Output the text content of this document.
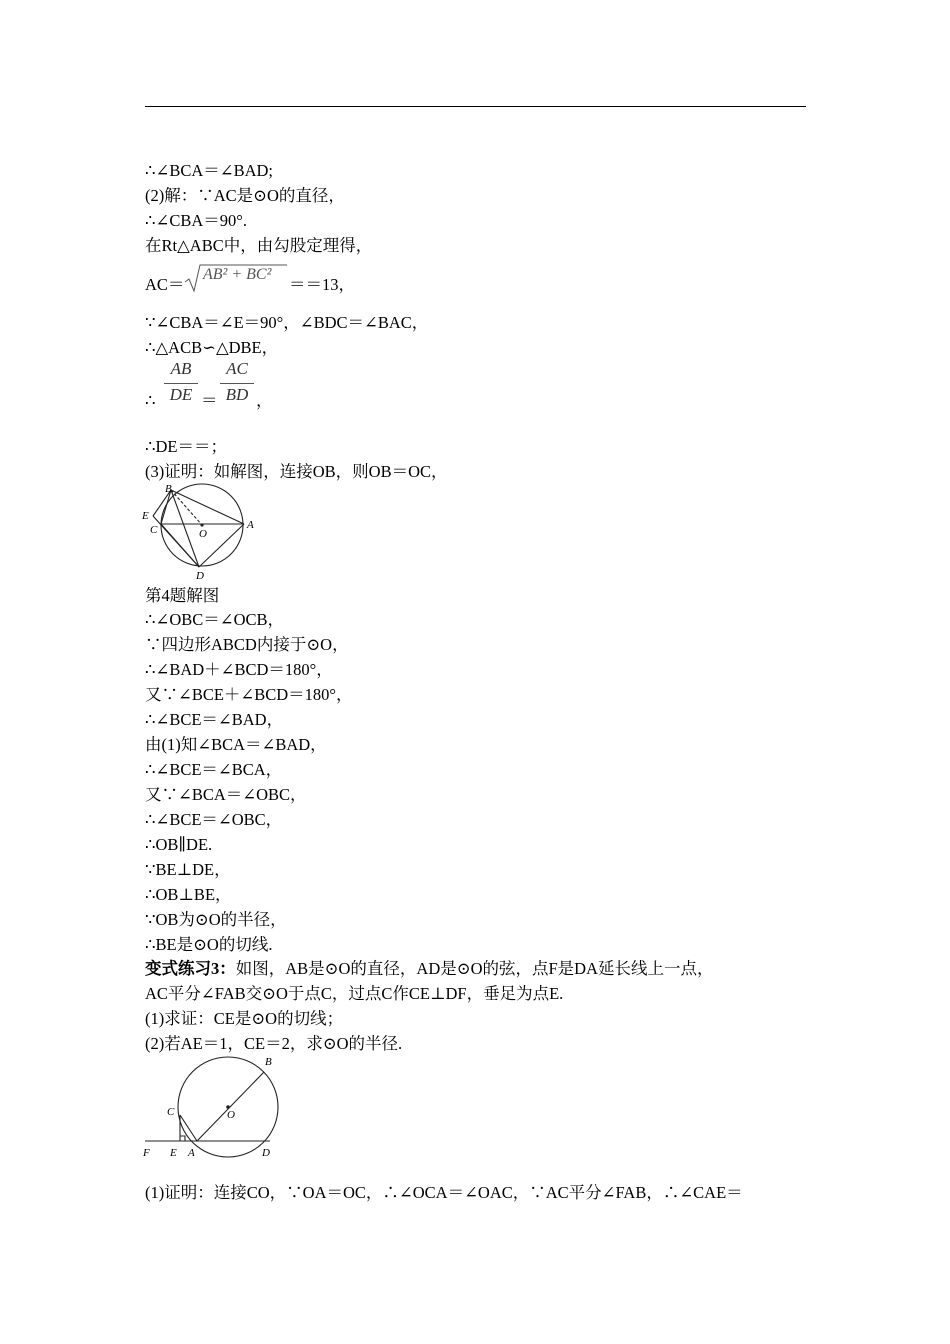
∴∠BCA＝∠BAD;
(2)解：∵AC是⊙O的直径，
∴∠CBA＝90°.
在Rt△ABC中，由勾股定理得，
AC＝
AB² + BC²
＝＝13，
∵∠CBA＝∠E＝90°，∠BDC＝∠BAC，
∴△ACB∽△DBE，
∴
AB
DE ＝
AC
BD ，
∴DE＝＝；
(3)证明：如解图，连接OB，则OB＝OC，
B
E
C	O
A
D
第4题解图
∴∠OBC＝∠OCB，
∵四边形ABCD内接于⊙O，
∴∠BAD＋∠BCD＝180°，
又∵∠BCE＋∠BCD＝180°，
∴∠BCE＝∠BAD，
由(1)知∠BCA＝∠BAD，
∴∠BCE＝∠BCA，
又∵∠BCA＝∠OBC，
∴∠BCE＝∠OBC，
∴OB∥DE.
∵BE⊥DE，
∴OB⊥BE，
∵OB为⊙O的半径，
∴BE是⊙O的切线.
变式练习3：如图，AB是⊙O的直径，AD是⊙O的弦，点F是DA延长线上一点，
AC平分∠FAB交⊙O于点C，过点C作CE⊥DF，垂足为点E.
(1)求证：CE是⊙O的切线；
(2)若AE＝1，CE＝2，求⊙O的半径.
B
C	O
F E A	D
(1)证明：连接CO，∵OA＝OC，∴∠OCA＝∠OAC，∵AC平分∠FAB，∴∠CAE＝
